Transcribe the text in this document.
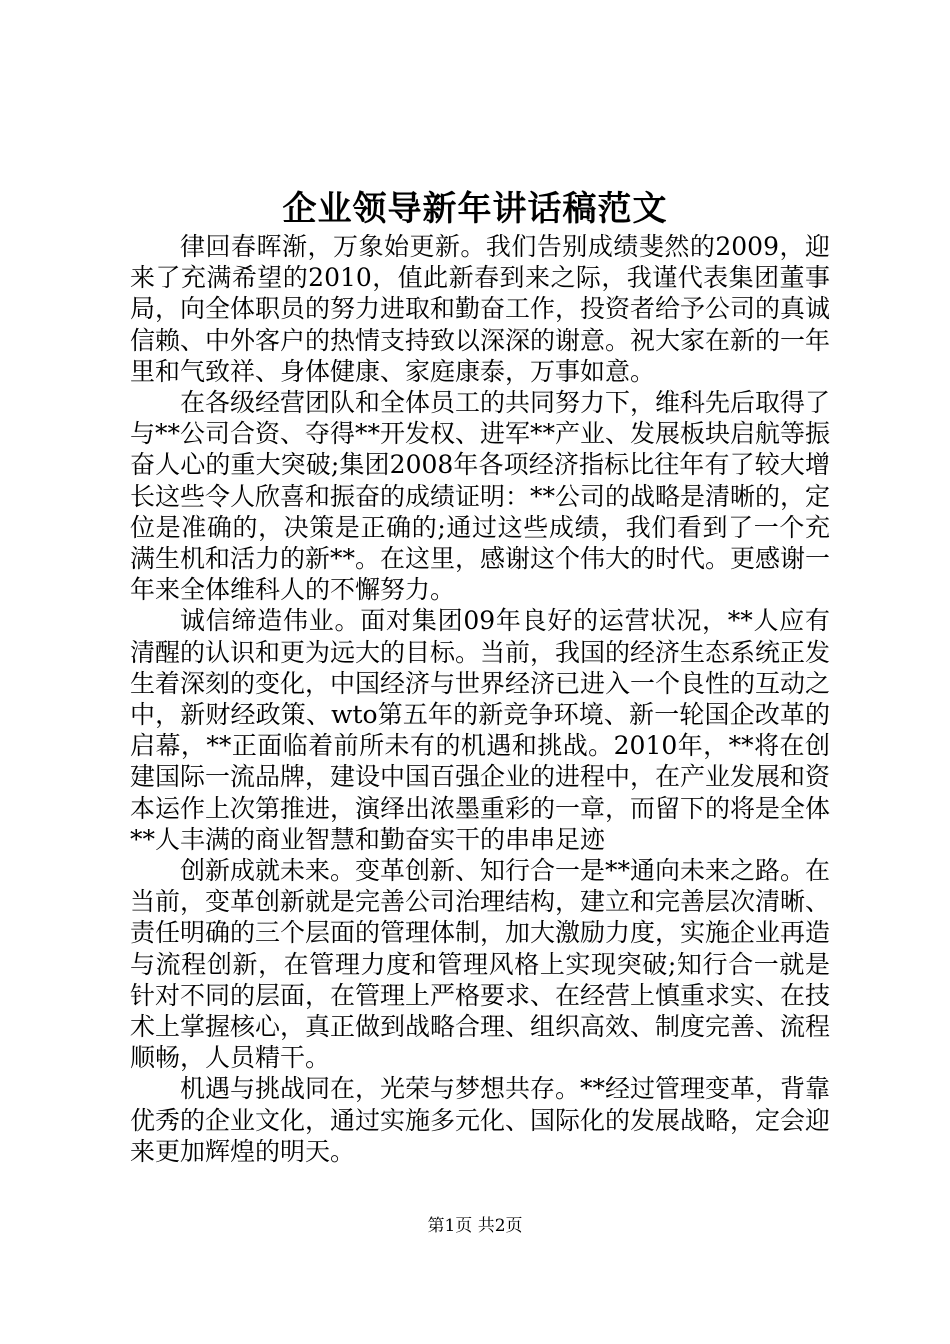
企业领导新年讲话稿范文

律回春晖渐，万象始更新。我们告别成绩斐然的2009，迎来了充满希望的2010，值此新春到来之际，我谨代表集团董事局，向全体职员的努力进取和勤奋工作，投资者给予公司的真诚信赖、中外客户的热情支持致以深深的谢意。祝大家在新的一年里和气致祥、身体健康、家庭康泰，万事如意。

在各级经营团队和全体员工的共同努力下，维科先后取得了与**公司合资、夺得**开发权、进军**产业、发展板块启航等振奋人心的重大突破;集团2008年各项经济指标比往年有了较大增长这些令人欣喜和振奋的成绩证明：**公司的战略是清晰的，定位是准确的，决策是正确的;通过这些成绩，我们看到了一个充满生机和活力的新**。在这里，感谢这个伟大的时代。更感谢一年来全体维科人的不懈努力。

诚信缔造伟业。面对集团09年良好的运营状况，**人应有清醒的认识和更为远大的目标。当前，我国的经济生态系统正发生着深刻的变化，中国经济与世界经济已进入一个良性的互动之中，新财经政策、wto第五年的新竞争环境、新一轮国企改革的启幕，**正面临着前所未有的机遇和挑战。2010年，**将在创建国际一流品牌，建设中国百强企业的进程中，在产业发展和资本运作上次第推进，演绎出浓墨重彩的一章，而留下的将是全体**人丰满的商业智慧和勤奋实干的串串足迹

创新成就未来。变革创新、知行合一是**通向未来之路。在当前，变革创新就是完善公司治理结构，建立和完善层次清晰、责任明确的三个层面的管理体制，加大激励力度，实施企业再造与流程创新，在管理力度和管理风格上实现突破;知行合一就是针对不同的层面，在管理上严格要求、在经营上慎重求实、在技术上掌握核心，真正做到战略合理、组织高效、制度完善、流程顺畅，人员精干。

机遇与挑战同在，光荣与梦想共存。**经过管理变革，背靠优秀的企业文化，通过实施多元化、国际化的发展战略，定会迎来更加辉煌的明天。

第1页 共2页
